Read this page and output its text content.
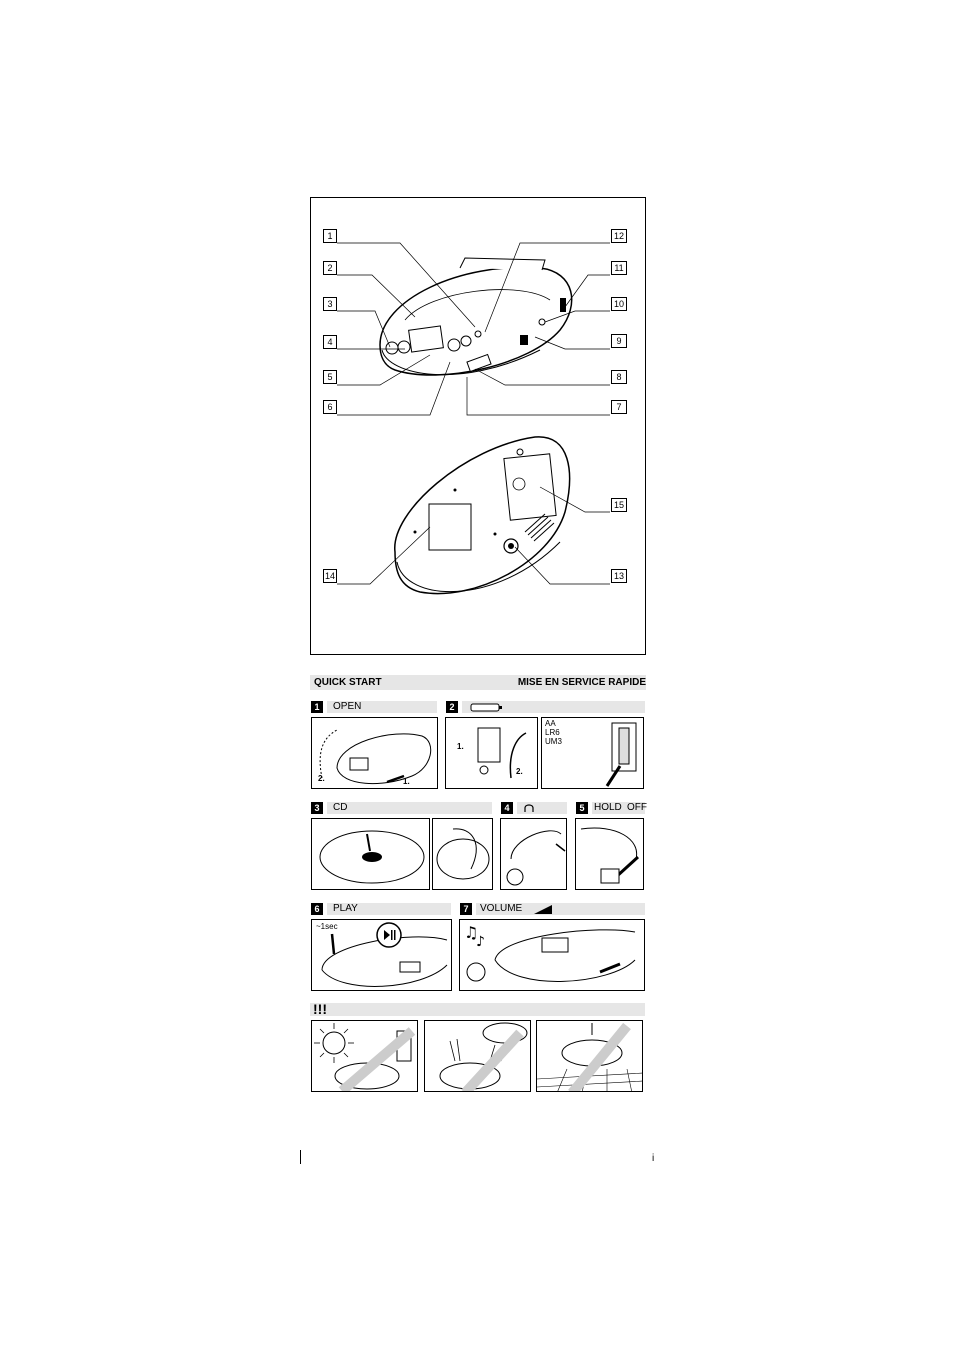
1
2
3
4
5
6
14
12
11
10
9
8
7
15
13
QUICK START	MISE EN SERVICE RAPIDE
1	OPEN
2.	1.
2
1.
2.
AA
LR6
UM3
3	CD	4	5 HOLD OFF
6	PLAY
~1sec
7	VOLUME
♫
♪
!!!
i
